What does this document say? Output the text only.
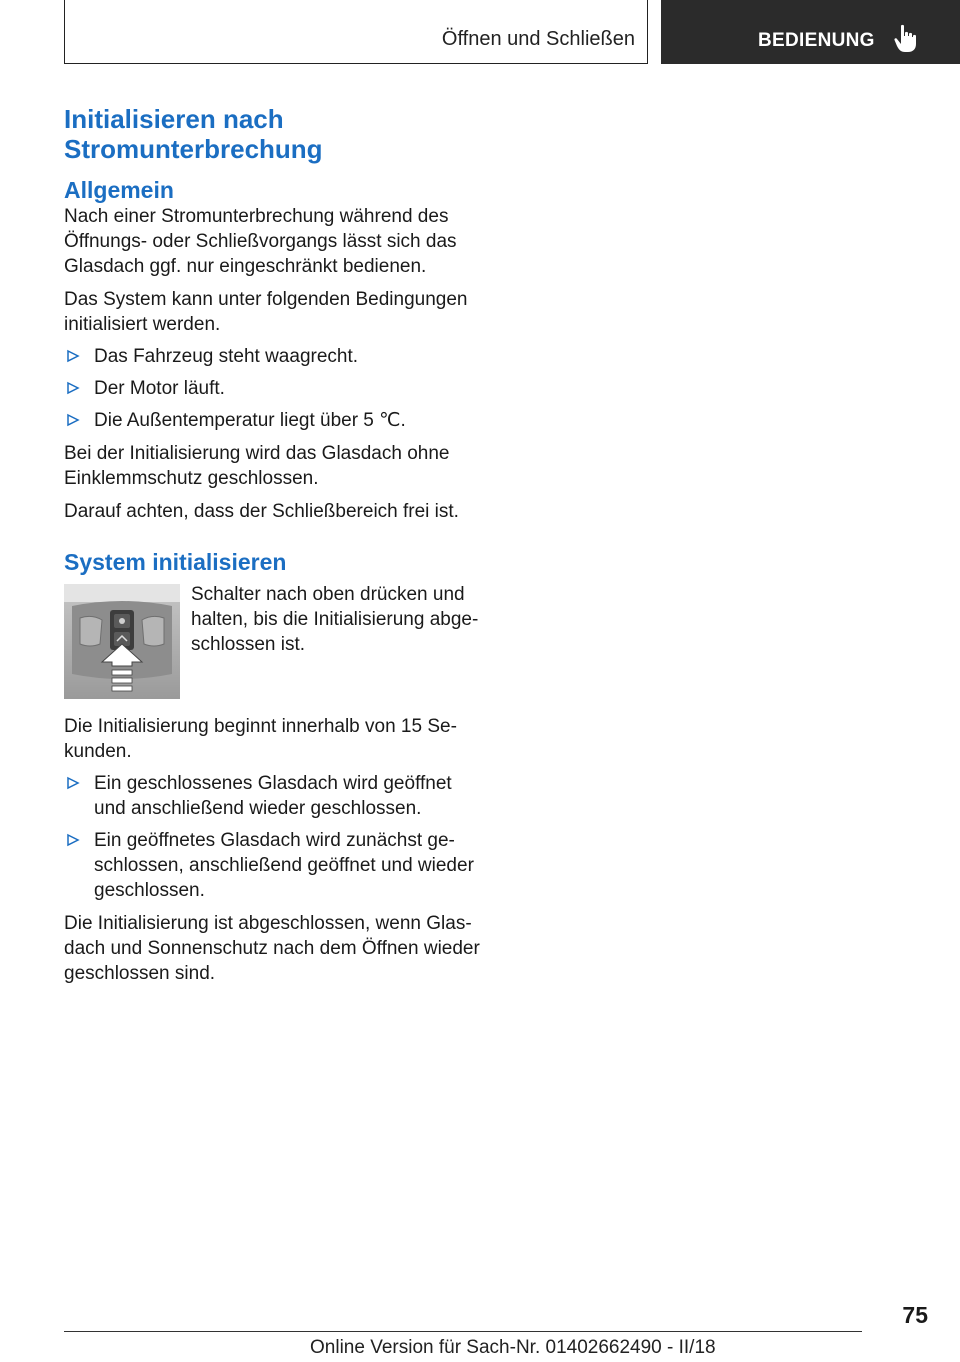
Öffnen und Schließen	BEDIENUNG
Initialisieren nach Stromunterbrechung
Allgemein

Nach einer Stromunterbrechung während des Öffnungs- oder Schließvorgangs lässt sich das Glasdach ggf. nur eingeschränkt bedienen.

Das System kann unter folgenden Bedingungen initialisiert werden.

Das Fahrzeug steht waagrecht.
Der Motor läuft.
Die Außentemperatur liegt über 5 ℃.

Bei der Initialisierung wird das Glasdach ohne Einklemmschutz geschlossen.

Darauf achten, dass der Schließbereich frei ist.

System initialisieren
Schalter nach oben drücken und halten, bis die Initialisierung abgeschlossen ist.

Die Initialisierung beginnt innerhalb von 15 Sekunden.

Ein geschlossenes Glasdach wird geöffnet und anschließend wieder geschlossen.
Ein geöffnetes Glasdach wird zunächst geschlossen, anschließend geöffnet und wieder geschlossen.

Die Initialisierung ist abgeschlossen, wenn Glasdach und Sonnenschutz nach dem Öffnen wieder geschlossen sind.

75
Online Version für Sach-Nr. 01402662490 - II/18
